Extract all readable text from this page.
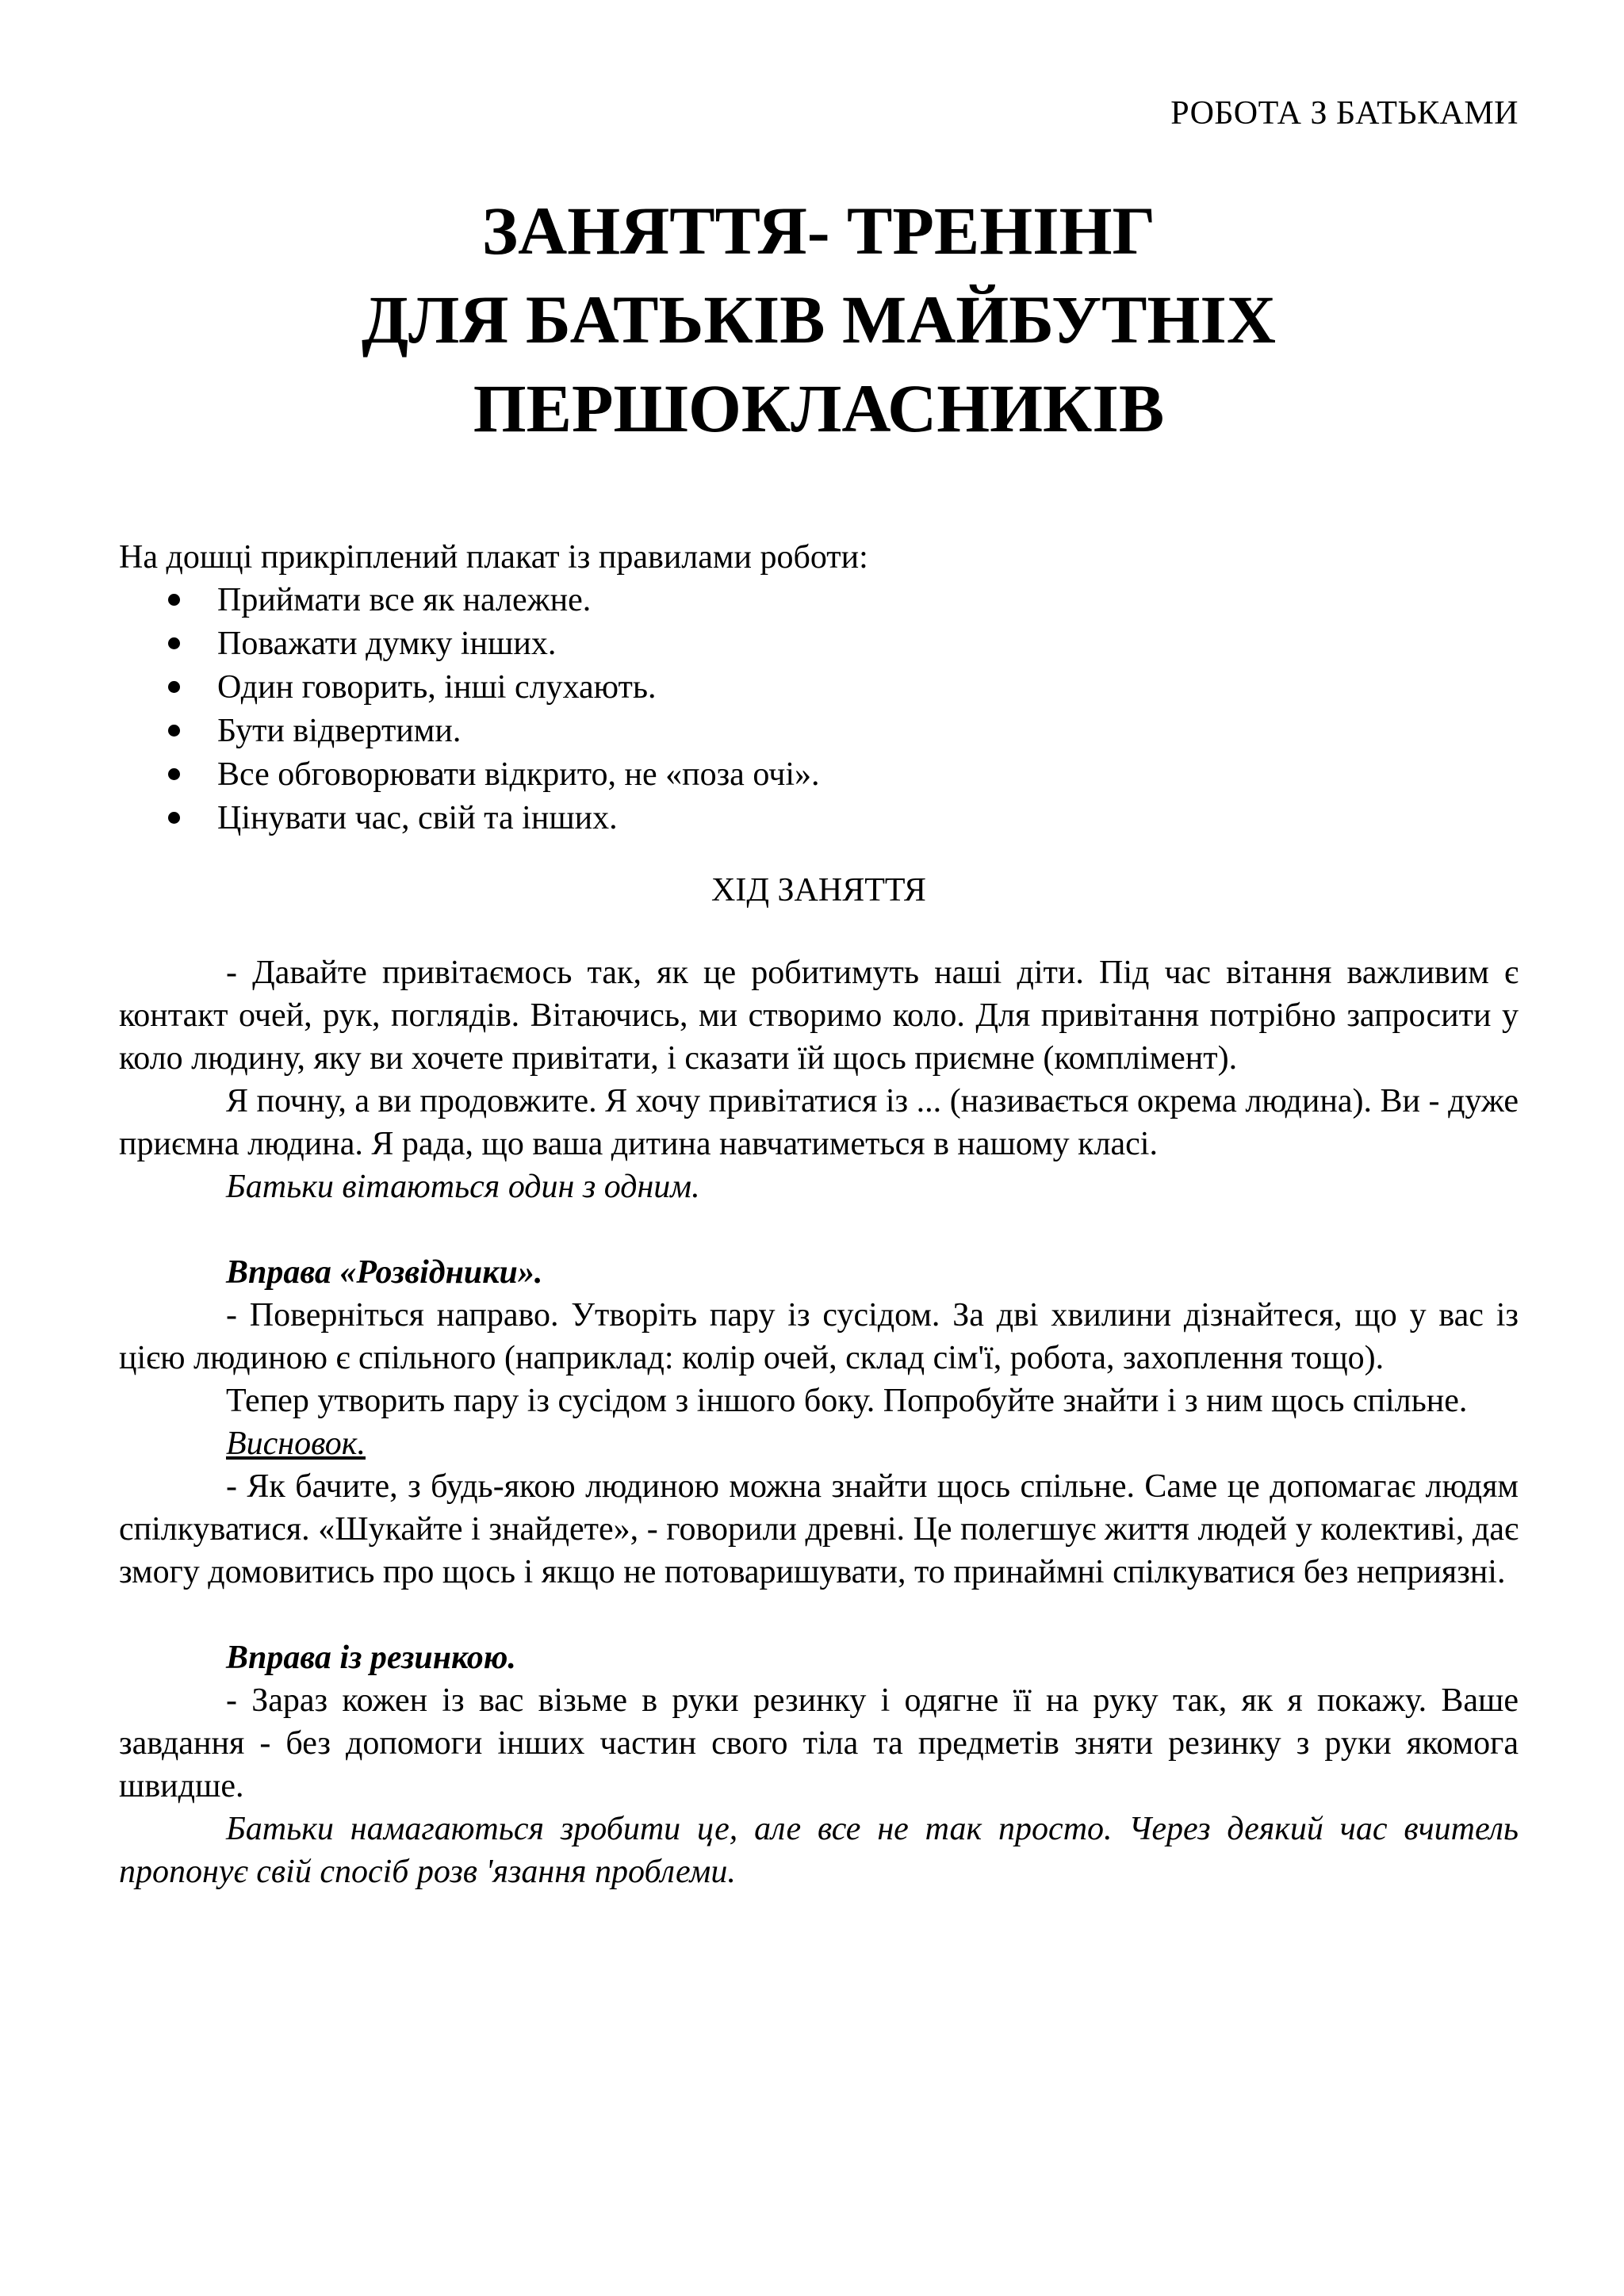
РОБОТА З БАТЬКАМИ
ЗАНЯТТЯ- ТРЕНІНГ
ДЛЯ БАТЬКІВ МАЙБУТНІХ
ПЕРШОКЛАСНИКІВ

На дошці прикріплений плакат із правилами роботи:

Приймати все як належне.
Поважати думку інших.
Один говорить, інші слухають.
Бути відвертими.
Все обговорювати відкрито, не «поза очі».
Цінувати час, свій та інших.

ХІД ЗАНЯТТЯ

- Давайте привітаємось так, як це робитимуть наші діти. Під час вітання важливим є контакт очей, рук, поглядів. Вітаючись, ми створимо коло. Для привітання потрібно запросити у коло людину, яку ви хочете привітати, і сказати їй щось приємне (комплімент).

Я почну, а ви продовжите. Я хочу привітатися із ... (називається окрема людина). Ви - дуже приємна людина. Я рада, що ваша дитина навчатиметься в нашому класі.

Батьки вітаються один з одним.

Вправа «Розвідники».

- Поверніться направо. Утворіть пару із сусідом. За дві хвилини дізнайтеся, що у вас із цією людиною є спільного (наприклад: колір очей, склад сім'ї, робота, захоплення тощо).

Тепер утворить пару із сусідом з іншого боку. Попробуйте знайти і з ним щось спільне.

Висновок.

- Як бачите, з будь-якою людиною можна знайти щось спільне. Саме це допомагає людям спілкуватися. «Шукайте і знайдете», - говорили древні. Це полегшує життя людей у колективі, дає змогу домовитись про щось і якщо не потоваришувати, то принаймні спілкуватися без неприязні.

Вправа із резинкою.

- Зараз кожен із вас візьме в руки резинку і одягне її на руку так, як я покажу. Ваше завдання - без допомоги інших частин свого тіла та предметів зняти резинку з руки якомога швидше.

Батьки намагаються зробити це, але все не так просто. Через деякий час вчитель пропонує свій спосіб розв 'язання проблеми.
